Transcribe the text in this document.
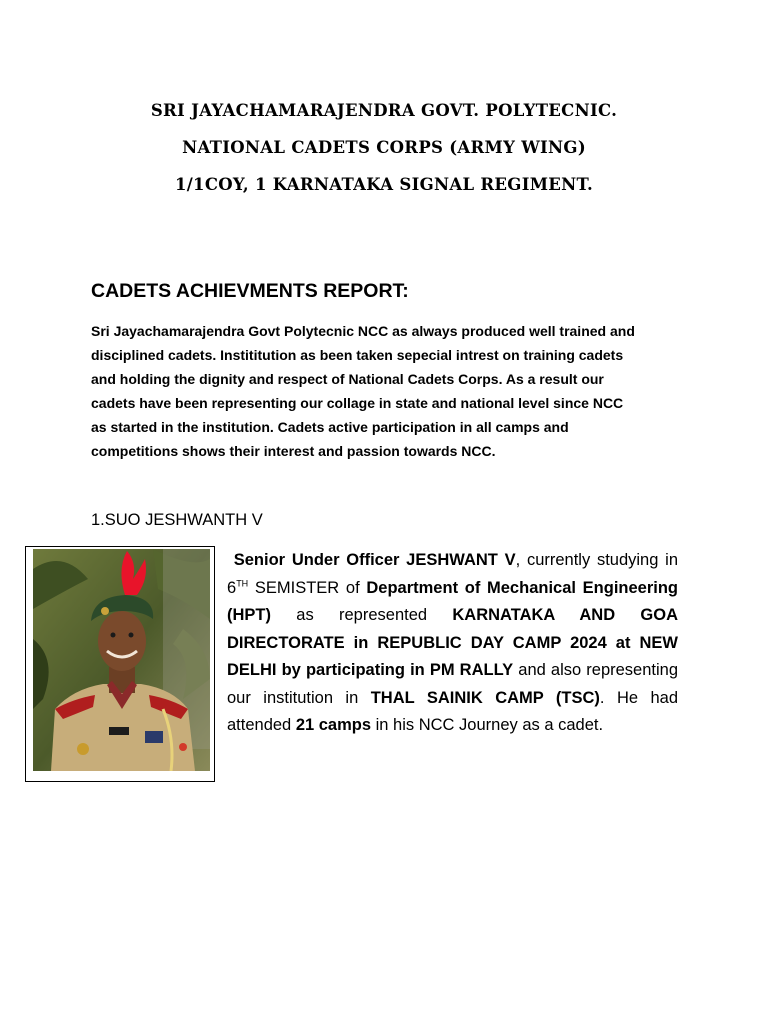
SRI JAYACHAMARAJENDRA GOVT. POLYTECNIC.
NATIONAL CADETS CORPS (ARMY WING)
1/1COY, 1 KARNATAKA SIGNAL REGIMENT.
CADETS ACHIEVMENTS REPORT:
Sri Jayachamarajendra Govt Polytecnic NCC as always produced well trained and
disciplined cadets. Instititution as been taken sepecial intrest on training cadets
and holding the dignity and respect of National Cadets Corps. As a result our
cadets have been representing our collage in state and national level since NCC
as started in the institution. Cadets active participation in all camps and
competitions shows their interest and passion towards NCC.
1.SUO JESHWANTH V
Senior Under Officer JESHWANT V, currently studying in 6TH SEMISTER of Department of Mechanical Engineering (HPT) as represented KARNATAKA AND GOA DIRECTORATE in REPUBLIC DAY CAMP 2024 at NEW DELHI by participating in PM RALLY and also representing our institution in THAL SAINIK CAMP (TSC). He had attended 21 camps in his NCC Journey as a cadet.
